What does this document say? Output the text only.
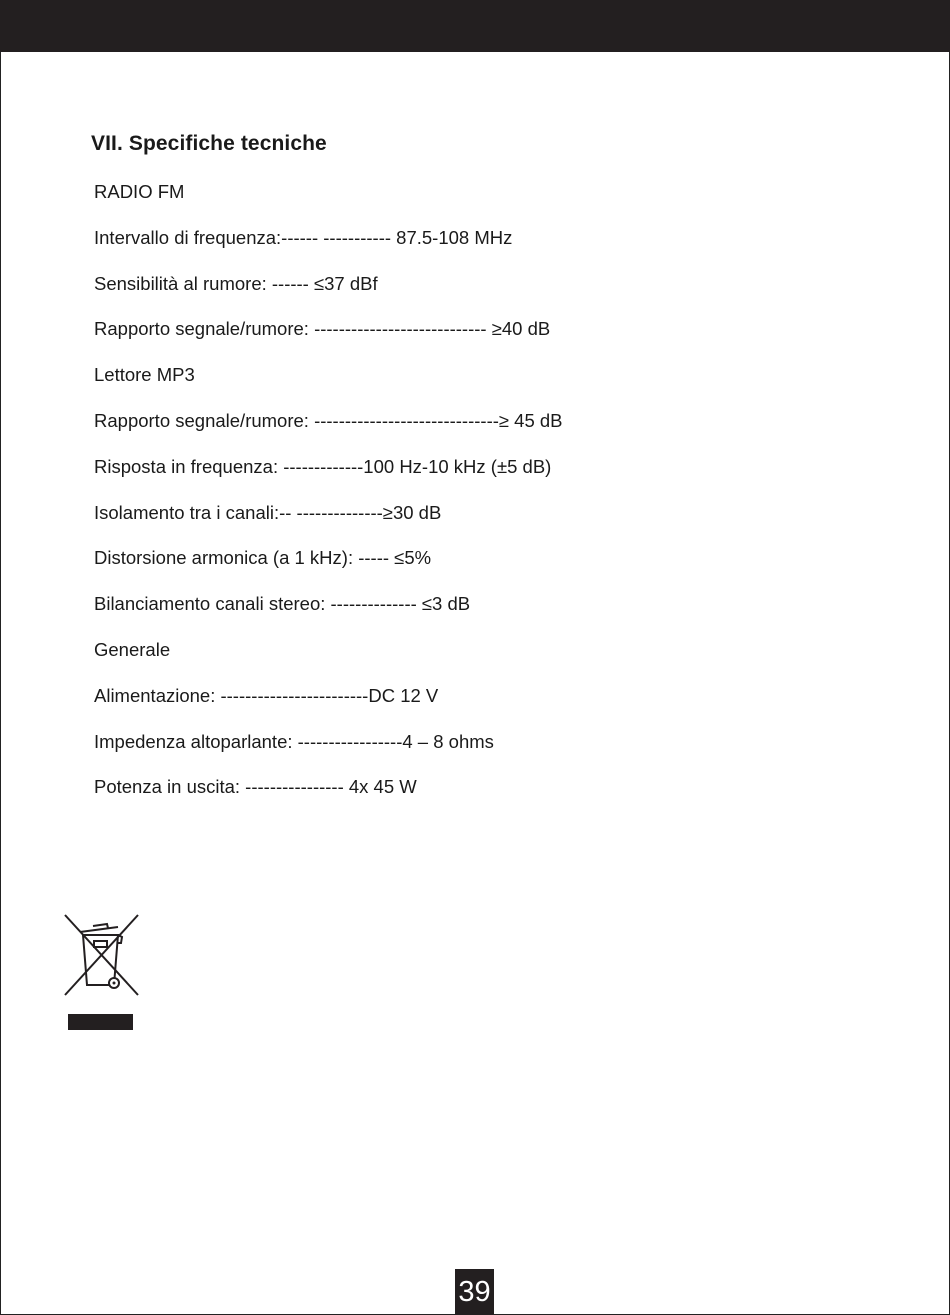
VII. Specifiche tecniche
RADIO FM
Intervallo di frequenza:------ ----------- 87.5-108 MHz
Sensibilità al rumore: ------ ≤37 dBf
Rapporto segnale/rumore: ---------------------------- ≥40 dB
Lettore MP3
Rapporto segnale/rumore: ------------------------------≥ 45 dB
Risposta in frequenza: -------------100 Hz-10 kHz (±5 dB)
Isolamento tra i canali:-- --------------≥30 dB
Distorsione armonica (a 1 kHz): ----- ≤5%
Bilanciamento canali stereo: -------------- ≤3 dB
Generale
Alimentazione: ------------------------DC 12 V
Impedenza altoparlante: -----------------4 – 8 ohms
Potenza in uscita: ---------------- 4x 45 W
39
